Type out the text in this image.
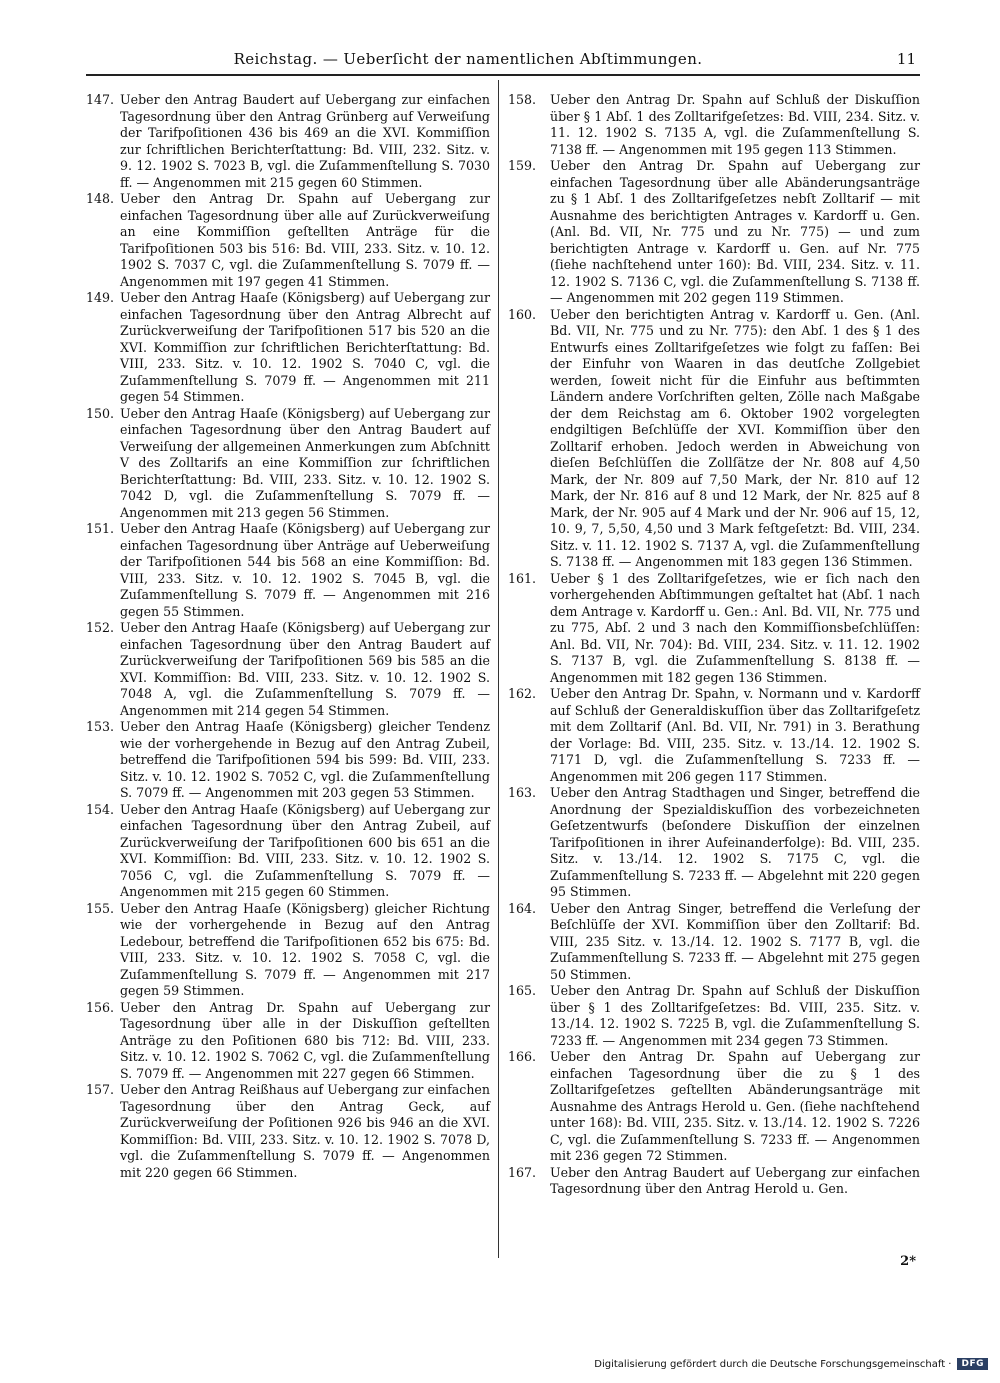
Reichstag. — Ueberſicht der namentlichen Abſtimmungen.	11

147. Ueber den Antrag Baudert auf Uebergang zur einfachen Tagesordnung über den Antrag Grünberg auf Verweiſung der Tarifpoſitionen 436 bis 469 an die XVI. Kommiſſion zur ſchriftlichen Berichterſtattung: Bd. VIII, 232. Sitz. v. 9. 12. 1902 S. 7023 B, vgl. die Zuſammenſtellung S. 7030 ff. — Angenommen mit 215 gegen 60 Stimmen.

148. Ueber den Antrag Dr. Spahn auf Uebergang zur einfachen Tagesordnung über alle auf Zurückverweiſung an eine Kommiſſion geſtellten Anträge für die Tarifpoſitionen 503 bis 516: Bd. VIII, 233. Sitz. v. 10. 12. 1902 S. 7037 C, vgl. die Zuſammenſtellung S. 7079 ff. — Angenommen mit 197 gegen 41 Stimmen.

149. Ueber den Antrag Haaſe (Königsberg) auf Uebergang zur einfachen Tagesordnung über den Antrag Albrecht auf Zurückverweiſung der Tarifpoſitionen 517 bis 520 an die XVI. Kommiſſion zur ſchriftlichen Berichterſtattung: Bd. VIII, 233. Sitz. v. 10. 12. 1902 S. 7040 C, vgl. die Zuſammenſtellung S. 7079 ff. — Angenommen mit 211 gegen 54 Stimmen.

150. Ueber den Antrag Haaſe (Königsberg) auf Uebergang zur einfachen Tagesordnung über den Antrag Baudert auf Verweiſung der allgemeinen Anmerkungen zum Abſchnitt V des Zolltarifs an eine Kommiſſion zur ſchriftlichen Berichterſtattung: Bd. VIII, 233. Sitz. v. 10. 12. 1902 S. 7042 D, vgl. die Zuſammenſtellung S. 7079 ff. — Angenommen mit 213 gegen 56 Stimmen.

151. Ueber den Antrag Haaſe (Königsberg) auf Uebergang zur einfachen Tagesordnung über Anträge auf Ueberweiſung der Tarifpoſitionen 544 bis 568 an eine Kommiſſion: Bd. VIII, 233. Sitz. v. 10. 12. 1902 S. 7045 B, vgl. die Zuſammenſtellung S. 7079 ff. — Angenommen mit 216 gegen 55 Stimmen.

152. Ueber den Antrag Haaſe (Königsberg) auf Uebergang zur einfachen Tagesordnung über den Antrag Baudert auf Zurückverweiſung der Tarifpoſitionen 569 bis 585 an die XVI. Kommiſſion: Bd. VIII, 233. Sitz. v. 10. 12. 1902 S. 7048 A, vgl. die Zuſammenſtellung S. 7079 ff. — Angenommen mit 214 gegen 54 Stimmen.

153. Ueber den Antrag Haaſe (Königsberg) gleicher Tendenz wie der vorhergehende in Bezug auf den Antrag Zubeil, betreffend die Tarifpoſitionen 594 bis 599: Bd. VIII, 233. Sitz. v. 10. 12. 1902 S. 7052 C, vgl. die Zuſammenſtellung S. 7079 ff. — Angenommen mit 203 gegen 53 Stimmen.

154. Ueber den Antrag Haaſe (Königsberg) auf Uebergang zur einfachen Tagesordnung über den Antrag Zubeil, auf Zurückverweiſung der Tarifpoſitionen 600 bis 651 an die XVI. Kommiſſion: Bd. VIII, 233. Sitz. v. 10. 12. 1902 S. 7056 C, vgl. die Zuſammenſtellung S. 7079 ff. — Angenommen mit 215 gegen 60 Stimmen.

155. Ueber den Antrag Haaſe (Königsberg) gleicher Richtung wie der vorhergehende in Bezug auf den Antrag Ledebour, betreffend die Tarifpoſitionen 652 bis 675: Bd. VIII, 233. Sitz. v. 10. 12. 1902 S. 7058 C, vgl. die Zuſammenſtellung S. 7079 ff. — Angenommen mit 217 gegen 59 Stimmen.

156. Ueber den Antrag Dr. Spahn auf Uebergang zur Tagesordnung über alle in der Diskuſſion geſtellten Anträge zu den Poſitionen 680 bis 712: Bd. VIII, 233. Sitz. v. 10. 12. 1902 S. 7062 C, vgl. die Zuſammenſtellung S. 7079 ff. — Angenommen mit 227 gegen 66 Stimmen.

157. Ueber den Antrag Reißhaus auf Uebergang zur einfachen Tagesordnung über den Antrag Geck, auf Zurückverweiſung der Poſitionen 926 bis 946 an die XVI. Kommiſſion: Bd. VIII, 233. Sitz. v. 10. 12. 1902 S. 7078 D, vgl. die Zuſammenſtellung S. 7079 ff. — Angenommen mit 220 gegen 66 Stimmen.

158. Ueber den Antrag Dr. Spahn auf Schluß der Diskuſſion über § 1 Abſ. 1 des Zolltarifgeſetzes: Bd. VIII, 234. Sitz. v. 11. 12. 1902 S. 7135 A, vgl. die Zuſammenſtellung S. 7138 ff. — Angenommen mit 195 gegen 113 Stimmen.

159. Ueber den Antrag Dr. Spahn auf Uebergang zur einfachen Tagesordnung über alle Abänderungsanträge zu § 1 Abſ. 1 des Zolltarifgeſetzes nebſt Zolltarif — mit Ausnahme des berichtigten Antrages v. Kardorff u. Gen. (Anl. Bd. VII, Nr. 775 und zu Nr. 775) — und zum berichtigten Antrage v. Kardorff u. Gen. auf Nr. 775 (ſiehe nachſtehend unter 160): Bd. VIII, 234. Sitz. v. 11. 12. 1902 S. 7136 C, vgl. die Zuſammenſtellung S. 7138 ff. — Angenommen mit 202 gegen 119 Stimmen.

160. Ueber den berichtigten Antrag v. Kardorff u. Gen. (Anl. Bd. VII, Nr. 775 und zu Nr. 775): den Abſ. 1 des § 1 des Entwurfs eines Zolltarifgeſetzes wie folgt zu faſſen: Bei der Einfuhr von Waaren in das deutſche Zollgebiet werden, ſoweit nicht für die Einfuhr aus beſtimmten Ländern andere Vorſchriften gelten, Zölle nach Maßgabe der dem Reichstag am 6. Oktober 1902 vorgelegten endgiltigen Beſchlüſſe der XVI. Kommiſſion über den Zolltarif erhoben. Jedoch werden in Abweichung von dieſen Beſchlüſſen die Zollſätze der Nr. 808 auf 4,50 Mark, der Nr. 809 auf 7,50 Mark, der Nr. 810 auf 12 Mark, der Nr. 816 auf 8 und 12 Mark, der Nr. 825 auf 8 Mark, der Nr. 905 auf 4 Mark und der Nr. 906 auf 15, 12, 10. 9, 7, 5,50, 4,50 und 3 Mark feſtgeſetzt: Bd. VIII, 234. Sitz. v. 11. 12. 1902 S. 7137 A, vgl. die Zuſammenſtellung S. 7138 ff. — Angenommen mit 183 gegen 136 Stimmen.

161. Ueber § 1 des Zolltarifgeſetzes, wie er ſich nach den vorhergehenden Abſtimmungen geſtaltet hat (Abſ. 1 nach dem Antrage v. Kardorff u. Gen.: Anl. Bd. VII, Nr. 775 und zu 775, Abſ. 2 und 3 nach den Kommiſſionsbeſchlüſſen: Anl. Bd. VII, Nr. 704): Bd. VIII, 234. Sitz. v. 11. 12. 1902 S. 7137 B, vgl. die Zuſammenſtellung S. 8138 ff. — Angenommen mit 182 gegen 136 Stimmen.

162. Ueber den Antrag Dr. Spahn, v. Normann und v. Kardorff auf Schluß der Generaldiskuſſion über das Zolltarifgeſetz mit dem Zolltarif (Anl. Bd. VII, Nr. 791) in 3. Berathung der Vorlage: Bd. VIII, 235. Sitz. v. 13./14. 12. 1902 S. 7171 D, vgl. die Zuſammenſtellung S. 7233 ff. — Angenommen mit 206 gegen 117 Stimmen.

163. Ueber den Antrag Stadthagen und Singer, betreffend die Anordnung der Spezialdiskuſſion des vorbezeichneten Geſetzentwurfs (beſondere Diskuſſion der einzelnen Tarifpoſitionen in ihrer Aufeinanderfolge): Bd. VIII, 235. Sitz. v. 13./14. 12. 1902 S. 7175 C, vgl. die Zuſammenſtellung S. 7233 ff. — Abgelehnt mit 220 gegen 95 Stimmen.

164. Ueber den Antrag Singer, betreffend die Verleſung der Beſchlüſſe der XVI. Kommiſſion über den Zolltarif: Bd. VIII, 235 Sitz. v. 13./14. 12. 1902 S. 7177 B, vgl. die Zuſammenſtellung S. 7233 ff. — Abgelehnt mit 275 gegen 50 Stimmen.

165. Ueber den Antrag Dr. Spahn auf Schluß der Diskuſſion über § 1 des Zolltarifgeſetzes: Bd. VIII, 235. Sitz. v. 13./14. 12. 1902 S. 7225 B, vgl. die Zuſammenſtellung S. 7233 ff. — Angenommen mit 234 gegen 73 Stimmen.

166. Ueber den Antrag Dr. Spahn auf Uebergang zur einfachen Tagesordnung über die zu § 1 des Zolltarifgeſetzes geſtellten Abänderungsanträge mit Ausnahme des Antrags Herold u. Gen. (ſiehe nachſtehend unter 168): Bd. VIII, 235. Sitz. v. 13./14. 12. 1902 S. 7226 C, vgl. die Zuſammenſtellung S. 7233 ff. — Angenommen mit 236 gegen 72 Stimmen.

167. Ueber den Antrag Baudert auf Uebergang zur einfachen Tagesordnung über den Antrag Herold u. Gen.

2*
Digitalisierung gefördert durch die Deutsche Forschungsgemeinschaft ·	DFG
